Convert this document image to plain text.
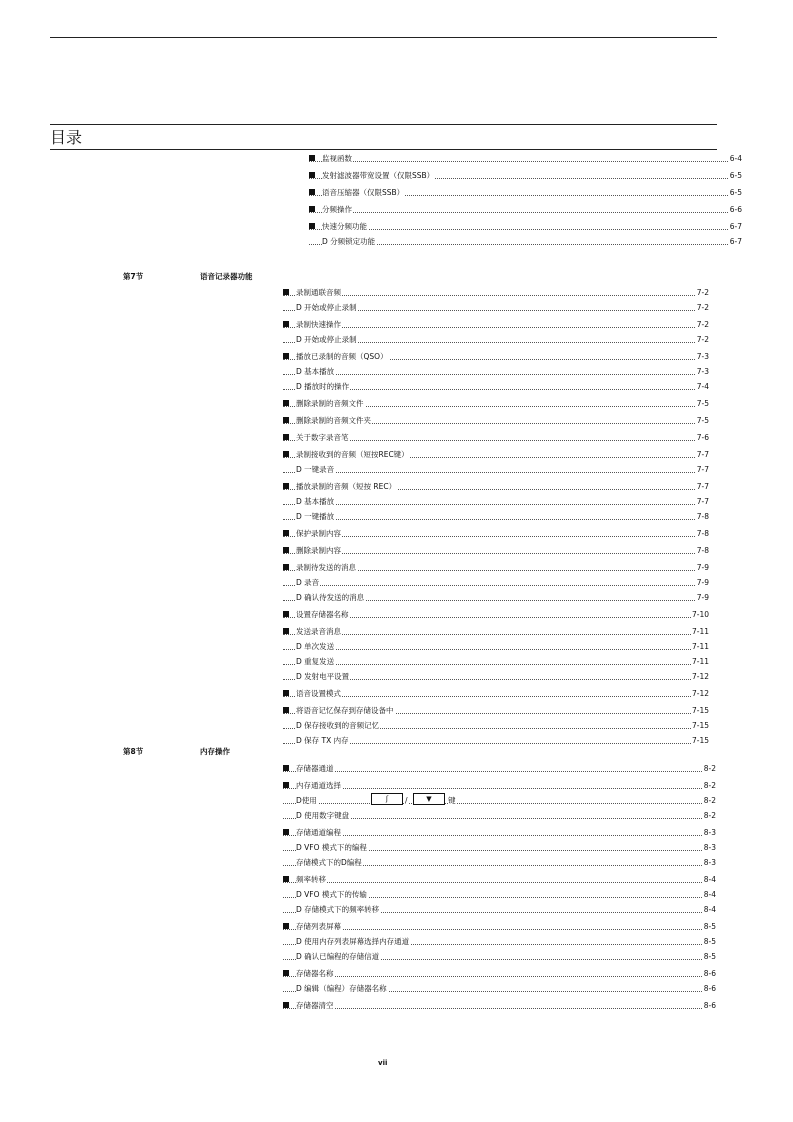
目录
监视函数	6-4
发射滤波器带宽设置（仅限SSB）	6-5
语音压缩器（仅限SSB）	6-5
分频操作	6-6
快速分频功能	6-7
D 分频锁定功能	6-7
第7节	语音记录器功能
录制通联音频	7-2
D 开始或停止录制	7-2
录制快速操作	7-2
D 开始或停止录制	7-2
播放已录制的音频（QSO）	7-3
D 基本播放	7-3
D 播放时的操作	7-4
删除录制的音频文件	7-5
删除录制的音频文件夹	7-5
关于数字录音笔	7-6
录制接收到的音频（短按REC键）	7-7
D 一键录音	7-7
播放录制的音频（短按 REC）	7-7
D 基本播放	7-7
D 一键播放	7-8
保护录制内容	7-8
删除录制内容	7-8
录制待发送的消息	7-9
D 录音	7-9
D 确认待发送的消息	7-9
设置存储器名称	7-10
发送录音消息	7-11
D 单次发送	7-11
D 重复发送	7-11
D 发射电平设置	7-12
语音设置模式	7-12
将语音记忆保存到存储设备中	7-15
D 保存接收到的音频记忆	7-15
D 保存 TX 内存	7-15
第8节	内存操作
存储器通道	8-2
内存通道选择	8-2
D使用	ʃ	/	▼	键	8-2
D 使用数字键盘	8-2
存储通道编程	8-3
D VFO 模式下的编程	8-3
存储模式下的D编程	8-3
频率转移	8-4
D VFO 模式下的传输	8-4
D 存储模式下的频率转移	8-4
存储列表屏幕	8-5
D 使用内存列表屏幕选择内存通道	8-5
D 确认已编程的存储信道	8-5
存储器名称	8-6
D 编辑（编程）存储器名称	8-6
存储器清空	8-6
vii
